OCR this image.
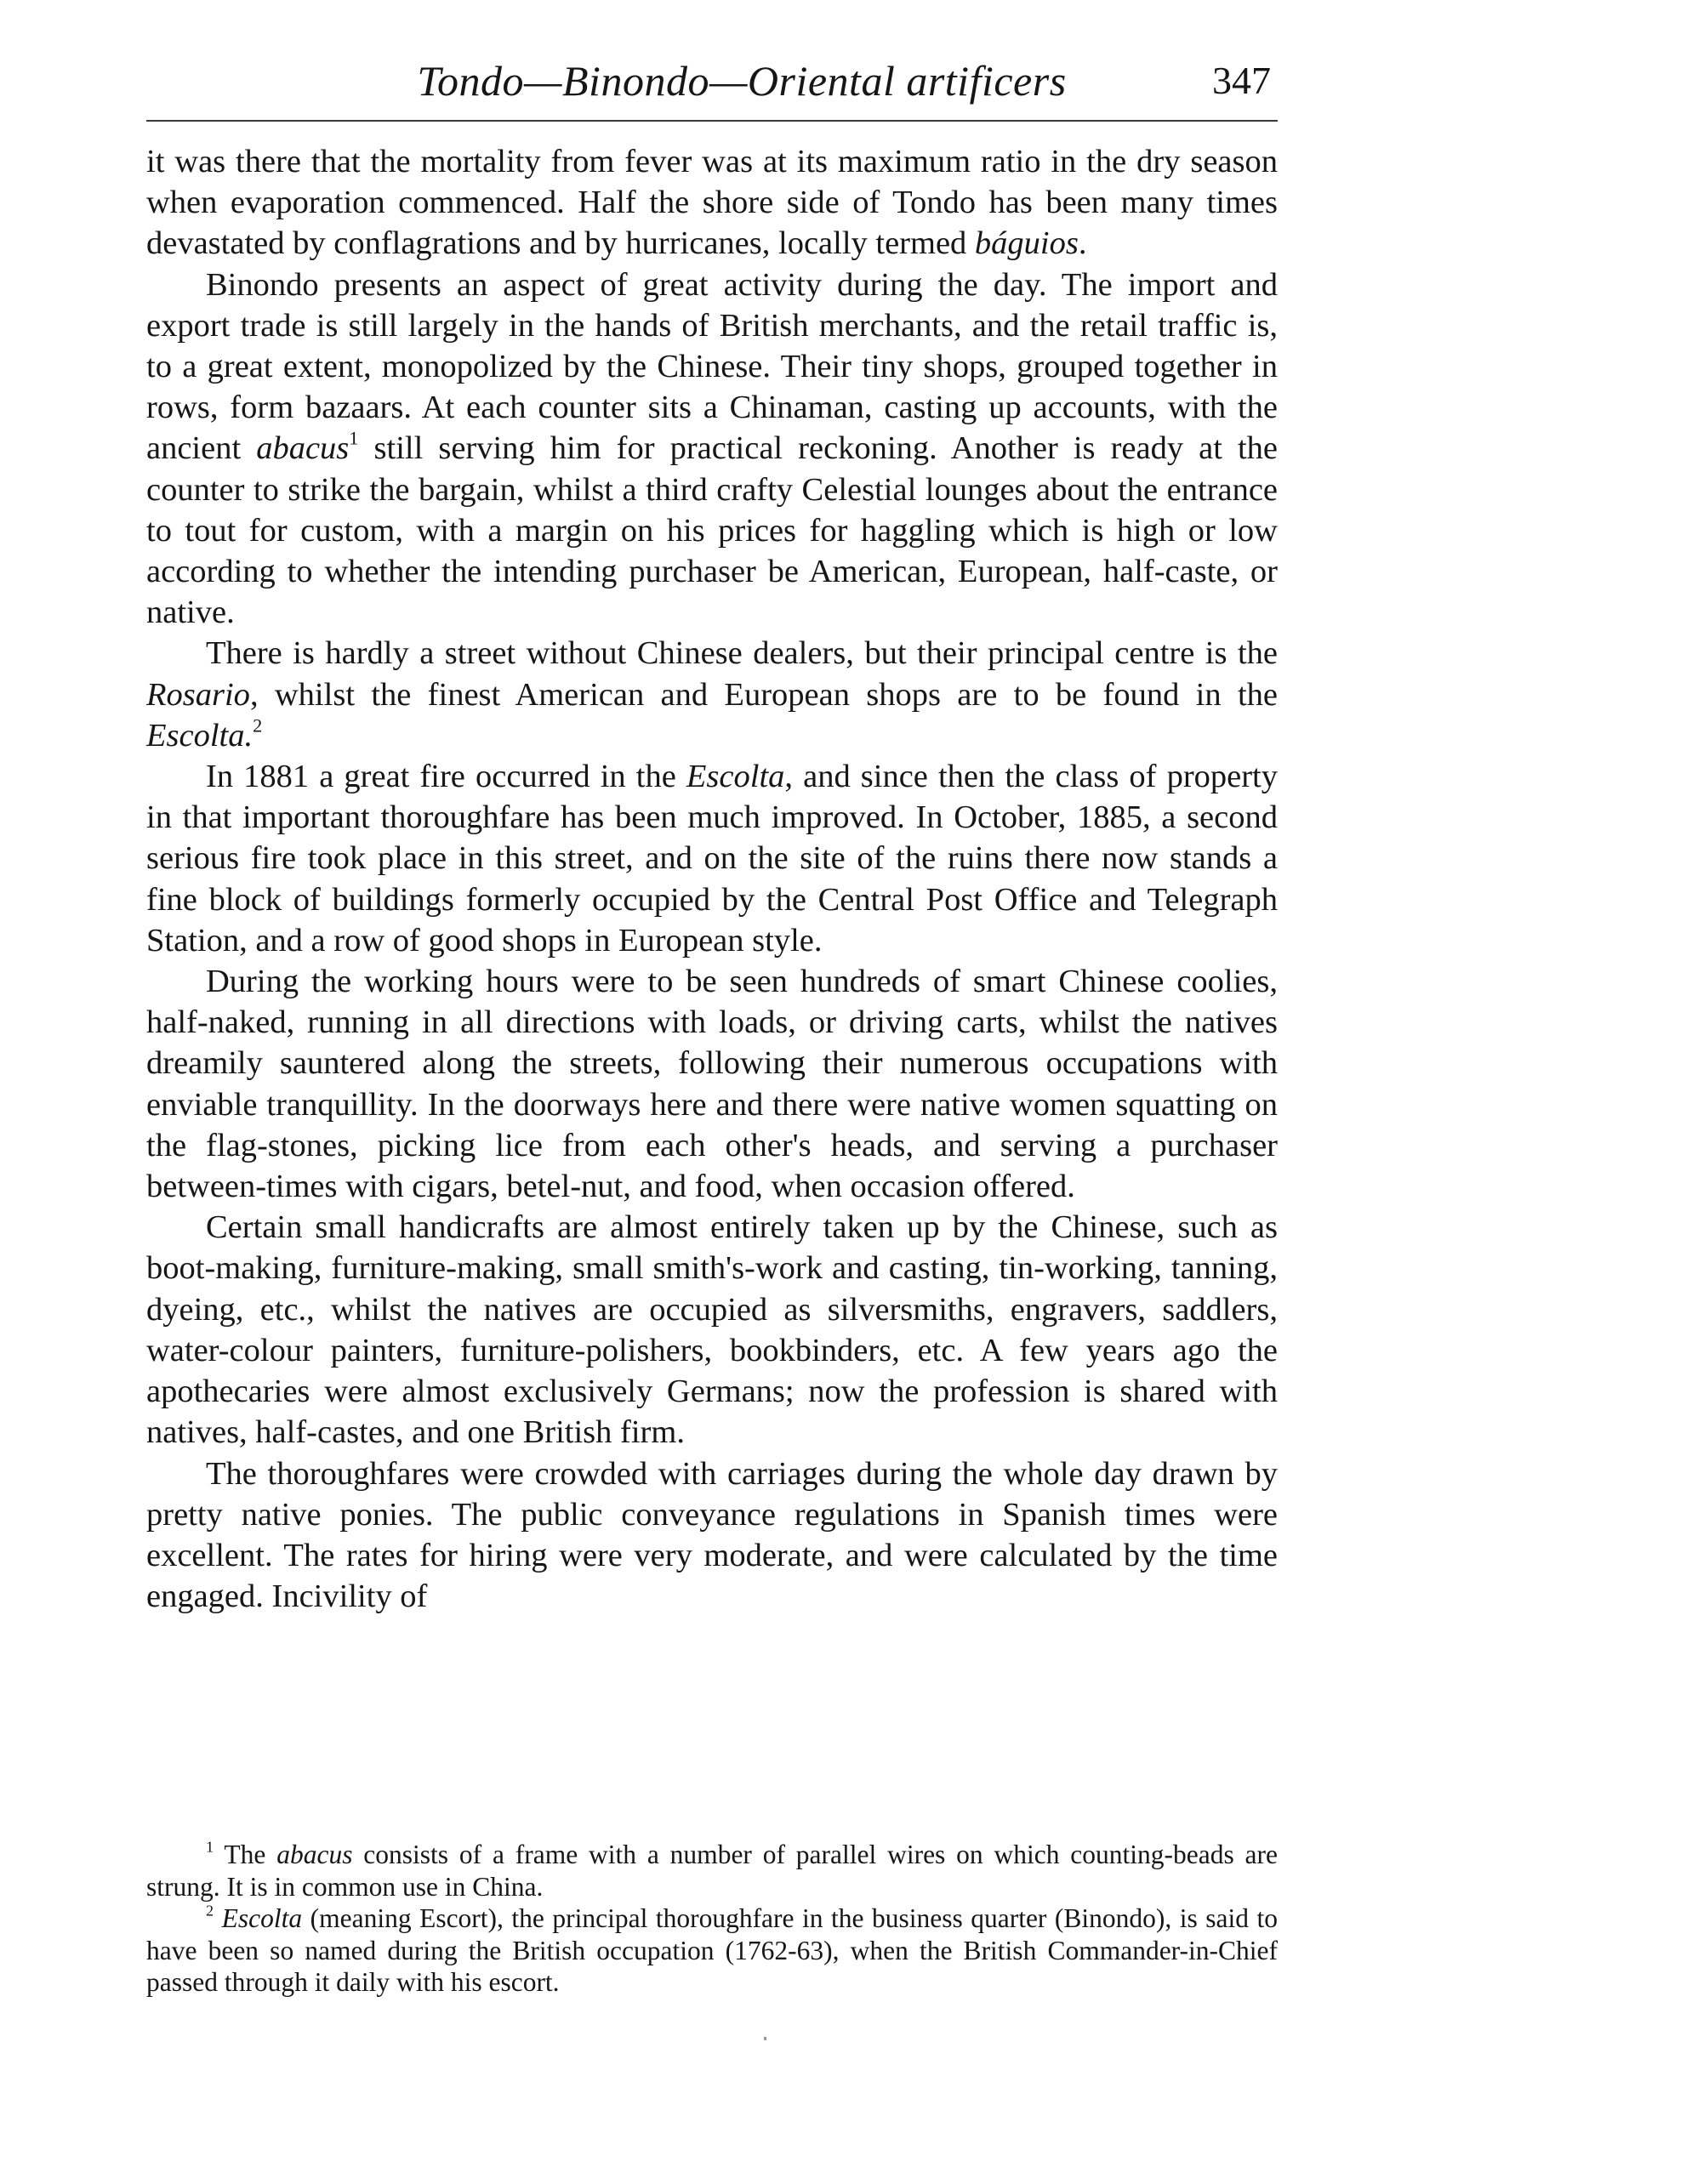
Tondo—Binondo—Oriental artificers	347

it was there that the mortality from fever was at its maximum ratio in the dry season when evaporation commenced. Half the shore side of Tondo has been many times devastated by conflagrations and by hurricanes, locally termed báguios.

Binondo presents an aspect of great activity during the day. The import and export trade is still largely in the hands of British merchants, and the retail traffic is, to a great extent, monopolized by the Chinese. Their tiny shops, grouped together in rows, form bazaars. At each counter sits a Chinaman, casting up accounts, with the ancient abacus$^1$ still serving him for practical reckoning. Another is ready at the counter to strike the bargain, whilst a third crafty Celestial lounges about the entrance to tout for custom, with a margin on his prices for haggling which is high or low according to whether the intending purchaser be American, European, half-caste, or native.

There is hardly a street without Chinese dealers, but their principal centre is the Rosario, whilst the finest American and European shops are to be found in the Escolta.$^2$

In 1881 a great fire occurred in the Escolta, and since then the class of property in that important thoroughfare has been much improved. In October, 1885, a second serious fire took place in this street, and on the site of the ruins there now stands a fine block of buildings formerly occupied by the Central Post Office and Telegraph Station, and a row of good shops in European style.

During the working hours were to be seen hundreds of smart Chinese coolies, half-naked, running in all directions with loads, or driving carts, whilst the natives dreamily sauntered along the streets, following their numerous occupations with enviable tranquillity. In the doorways here and there were native women squatting on the flag-stones, picking lice from each other's heads, and serving a purchaser between-times with cigars, betel-nut, and food, when occasion offered.

Certain small handicrafts are almost entirely taken up by the Chinese, such as boot-making, furniture-making, small smith's-work and casting, tin-working, tanning, dyeing, etc., whilst the natives are occupied as silversmiths, engravers, saddlers, water-colour painters, furniture-polishers, bookbinders, etc. A few years ago the apothecaries were almost exclusively Germans; now the profession is shared with natives, half-castes, and one British firm.

The thoroughfares were crowded with carriages during the whole day drawn by pretty native ponies. The public conveyance regulations in Spanish times were excellent. The rates for hiring were very moderate, and were calculated by the time engaged. Incivility of

$^1$ The abacus consists of a frame with a number of parallel wires on which counting-beads are strung. It is in common use in China.

$^2$ Escolta (meaning Escort), the principal thoroughfare in the business quarter (Binondo), is said to have been so named during the British occupation (1762-63), when the British Commander-in-Chief passed through it daily with his escort.
